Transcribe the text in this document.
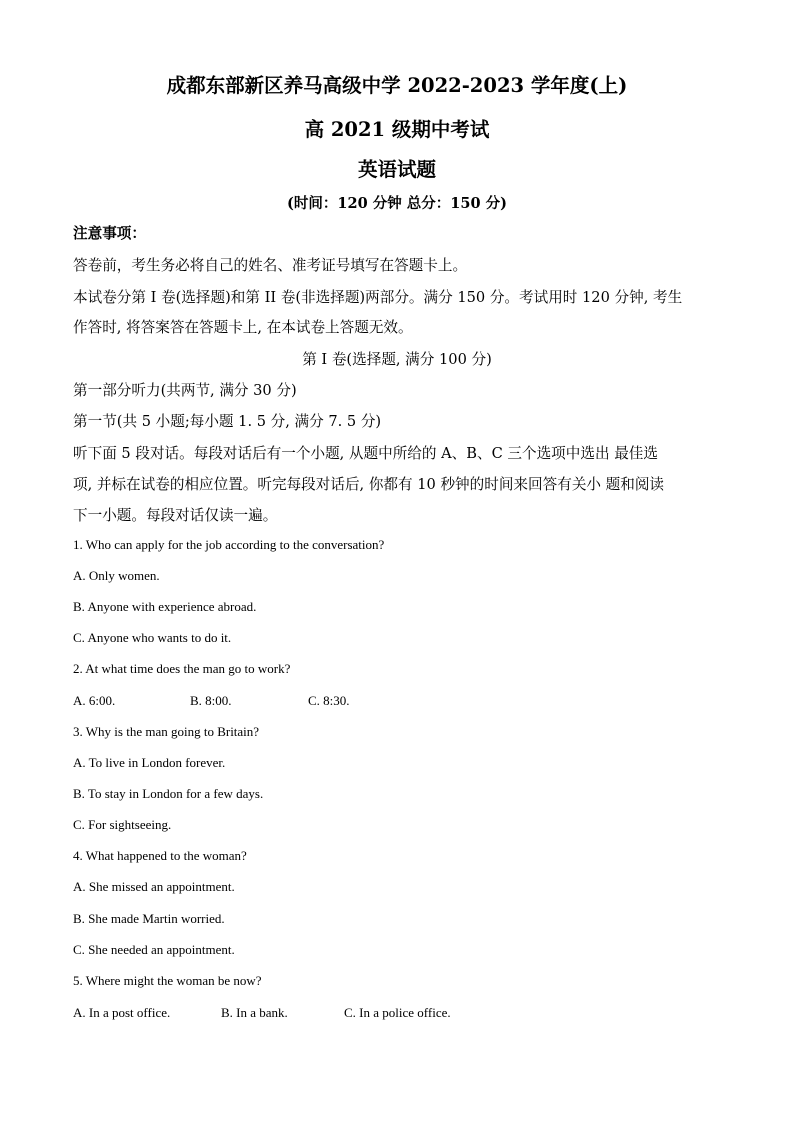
成都东部新区养马高级中学 2022-2023 学年度(上)

高 2021 级期中考试

英语试题

(时间：120 分钟 总分：150 分)

注意事项：

答卷前，考生务必将自己的姓名、准考证号填写在答题卡上。

本试卷分第 I 卷(选择题)和第 II 卷(非选择题)两部分。满分 150 分。考试用时 120 分钟, 考生

作答时, 将答案答在答题卡上, 在本试卷上答题无效。

第 I 卷(选择题, 满分 100 分)

第一部分听力(共两节, 满分 30 分)

第一节(共 5 小题;每小题 1. 5 分, 满分 7. 5 分)

听下面 5 段对话。每段对话后有一个小题, 从题中所给的 A、B、C 三个选项中选出 最佳选

项, 并标在试卷的相应位置。听完每段对话后, 你都有 10 秒钟的时间来回答有关小 题和阅读

下一小题。每段对话仅读一遍。

1. Who can apply for the job according to the conversation?

A. Only women.

B. Anyone with experience abroad.

C. Anyone who wants to do it.

2. At what time does the man go to work?

A. 6:00.	B. 8:00.	C. 8:30.

3. Why is the man going to Britain?

A. To live in London forever.

B. To stay in London for a few days.

C. For sightseeing.

4. What happened to the woman?

A. She missed an appointment.

B. She made Martin worried.

C. She needed an appointment.

5. Where might the woman be now?

A. In a post office.	B. In a bank.	C. In a police office.
